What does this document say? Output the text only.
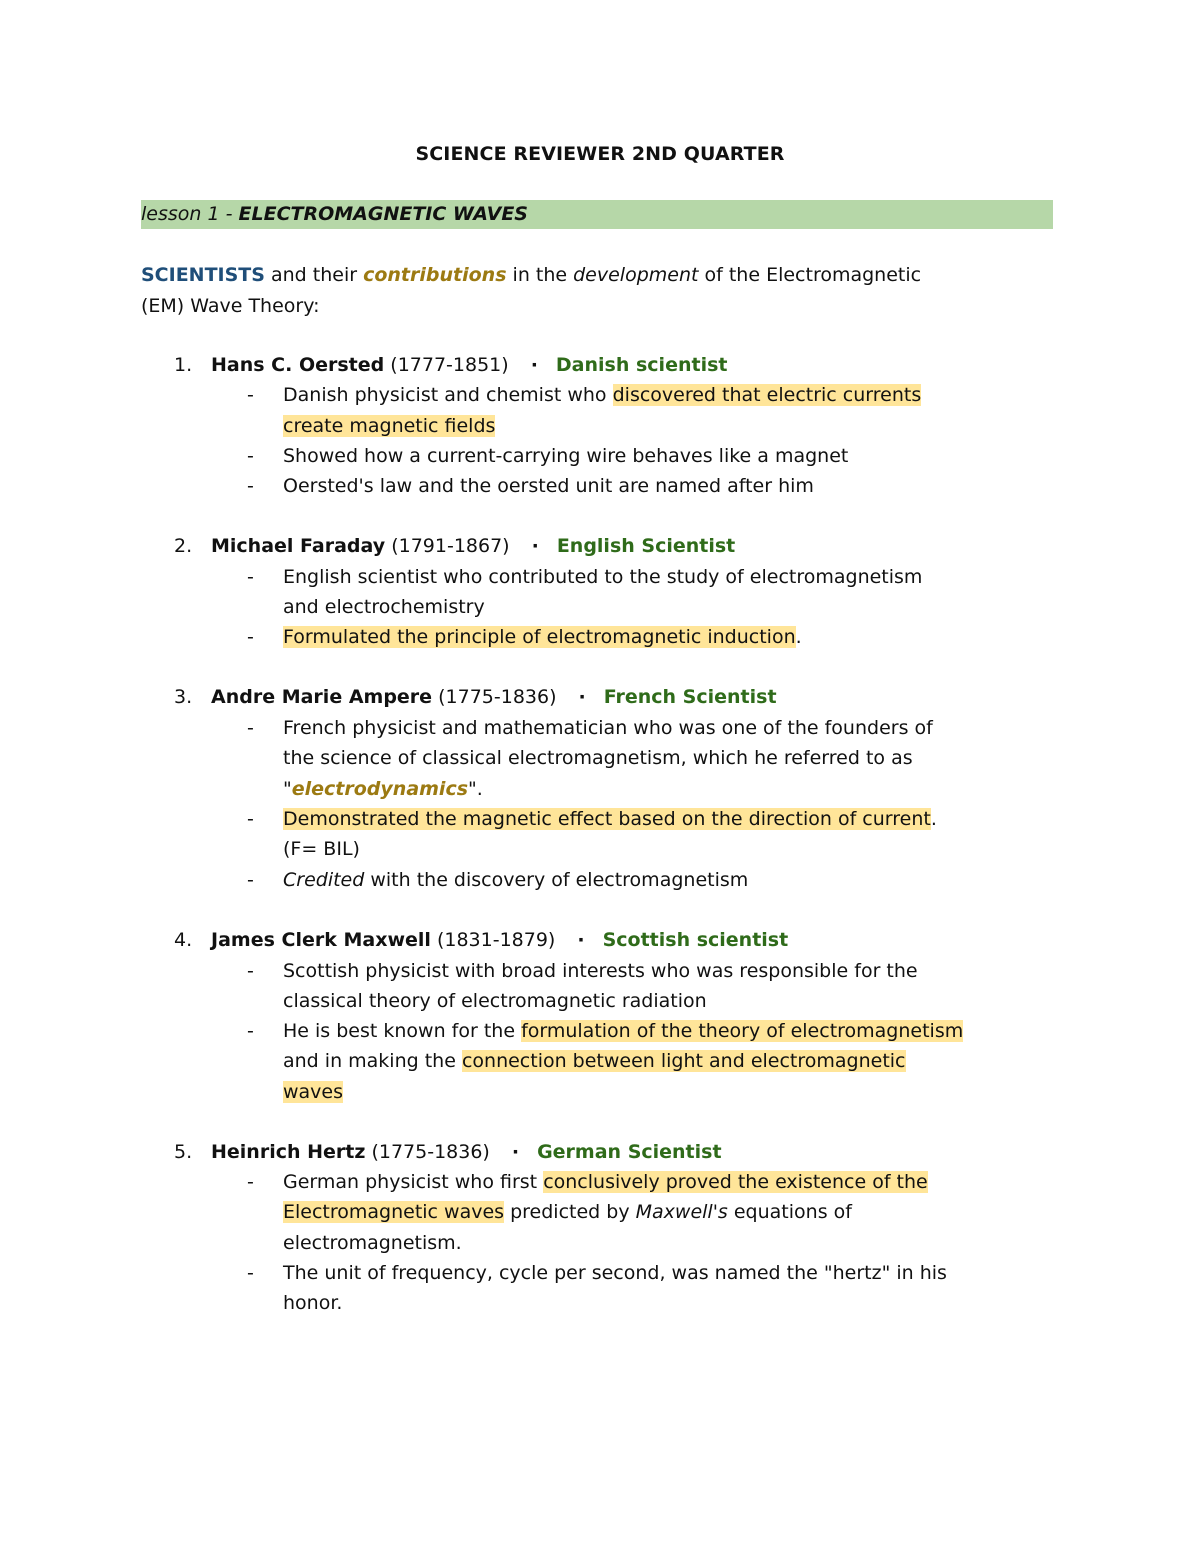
SCIENCE REVIEWER 2ND QUARTER
lesson 1 - ELECTROMAGNETIC WAVES
SCIENTISTS and their contributions in the development of the Electromagnetic
(EM) Wave Theory:
1. Hans C. Oersted (1777-1851) · Danish scientist
- Danish physicist and chemist who discovered that electric currents
create magnetic fields
- Showed how a current-carrying wire behaves like a magnet
- Oersted's law and the oersted unit are named after him
2. Michael Faraday (1791-1867) · English Scientist
- English scientist who contributed to the study of electromagnetism
and electrochemistry
- Formulated the principle of electromagnetic induction.
3. Andre Marie Ampere (1775-1836) · French Scientist
- French physicist and mathematician who was one of the founders of
the science of classical electromagnetism, which he referred to as
"electrodynamics".
- Demonstrated the magnetic effect based on the direction of current.
(F= BIL)
- Credited with the discovery of electromagnetism
4. James Clerk Maxwell (1831-1879) · Scottish scientist
- Scottish physicist with broad interests who was responsible for the
classical theory of electromagnetic radiation
- He is best known for the formulation of the theory of electromagnetism
and in making the connection between light and electromagnetic
waves
5. Heinrich Hertz (1775-1836) · German Scientist
- German physicist who first conclusively proved the existence of the
Electromagnetic waves predicted by Maxwell's equations of
electromagnetism.
- The unit of frequency, cycle per second, was named the "hertz" in his
honor.
